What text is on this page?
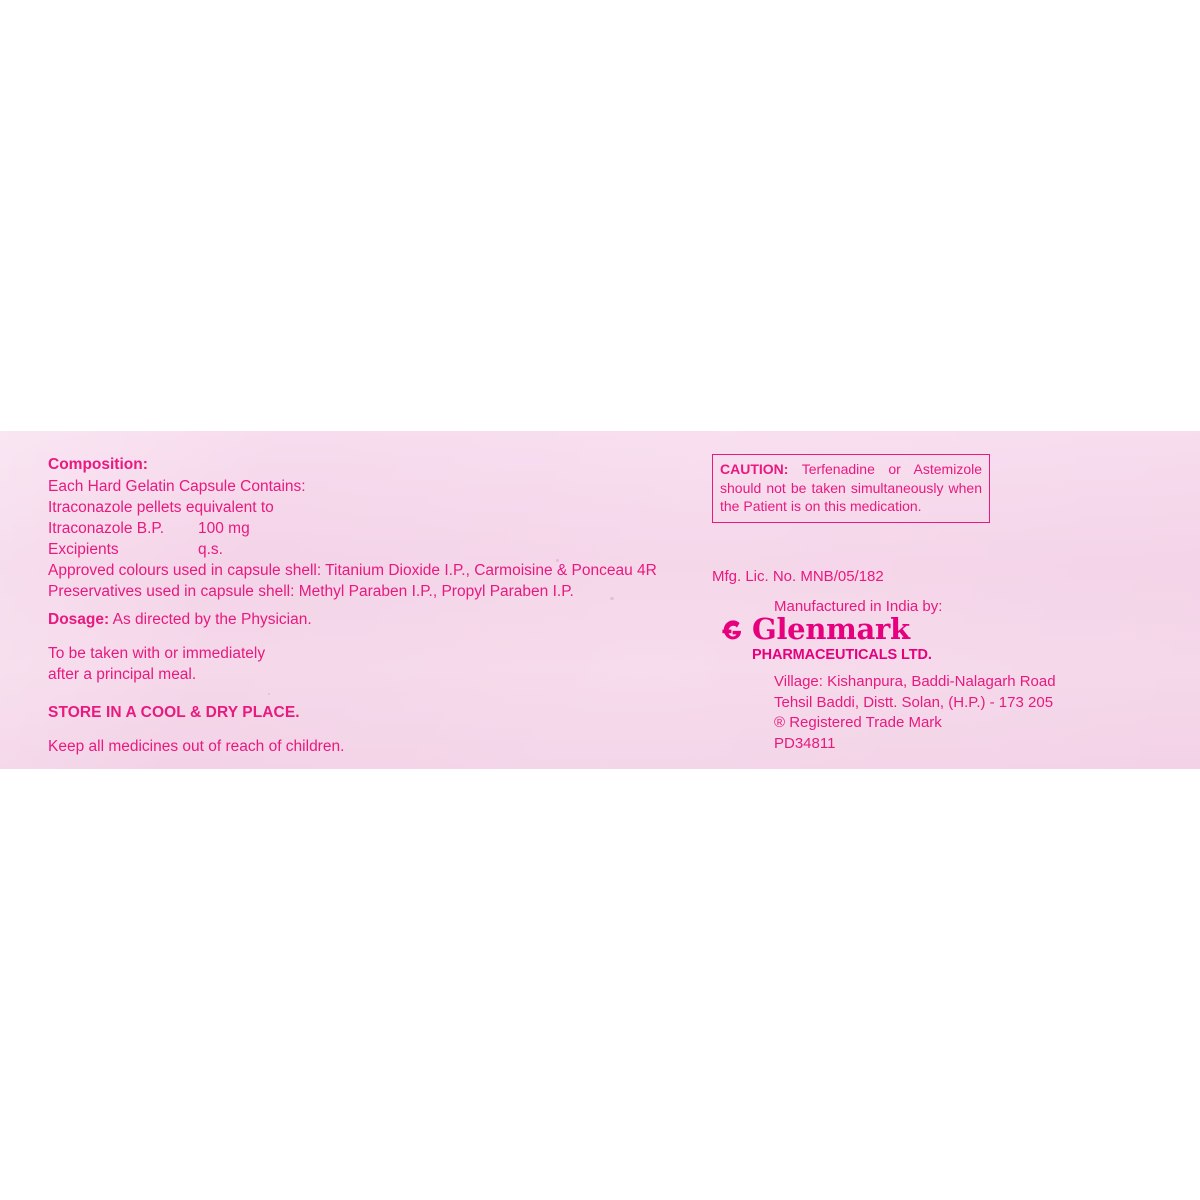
Composition:
Each Hard Gelatin Capsule Contains:
Itraconazole pellets equivalent to
Itraconazole B.P. 100 mg
Excipients	q.s.
Approved colours used in capsule shell: Titanium Dioxide I.P., Carmoisine & Ponceau 4R
Preservatives used in capsule shell: Methyl Paraben I.P., Propyl Paraben I.P.
Dosage: As directed by the Physician.
To be taken with or immediately
after a principal meal.
STORE IN A COOL & DRY PLACE.
Keep all medicines out of reach of children.
CAUTION: Terfenadine or Astemizole should not be taken simultaneously when the Patient is on this medication.
Mfg. Lic. No. MNB/05/182
Manufactured in India by:
Glenmark
PHARMACEUTICALS LTD.
Village: Kishanpura, Baddi-Nalagarh Road
Tehsil Baddi, Distt. Solan, (H.P.) - 173 205
® Registered Trade Mark
PD34811
